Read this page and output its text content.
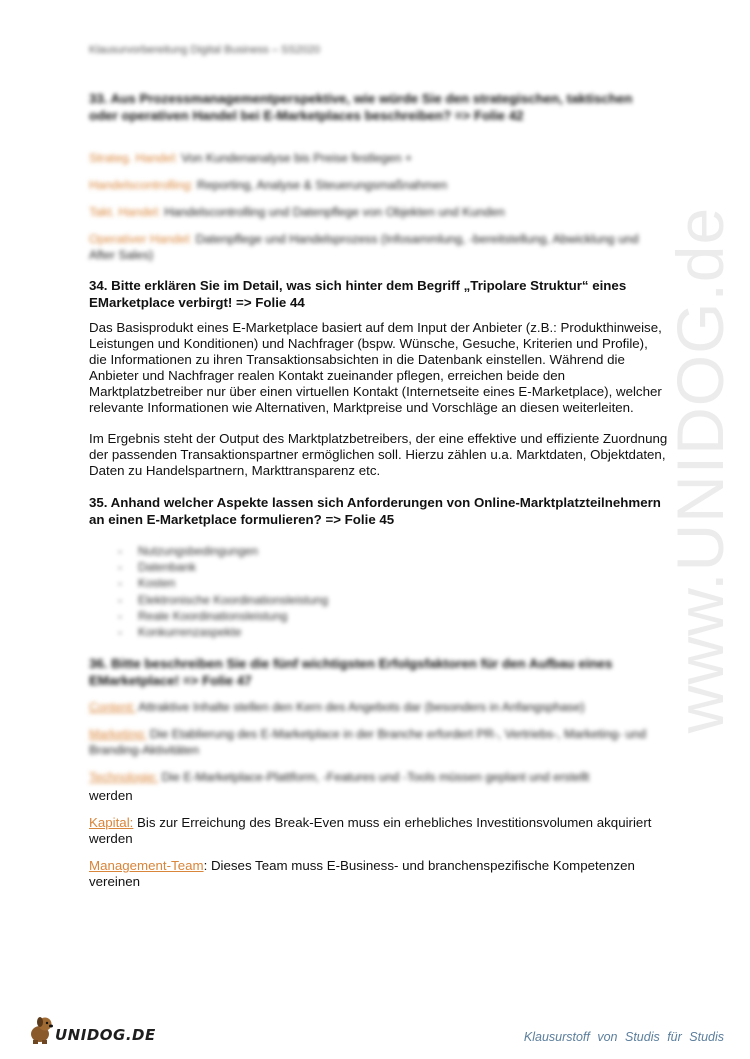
www.UNIDOG.de
Klausurvorbereitung Digital Business – SS2020
33. Aus Prozessmanagementperspektive, wie würde Sie den strategischen, taktischen oder operativen Handel bei E-Marketplaces beschreiben? => Folie 42
Strateg. Handel: Von Kundenanalyse bis Preise festlegen +
Handelscontrolling: Reporting, Analyse & Steuerungsmaßnahmen
Takt. Handel: Handelscontrolling und Datenpflege von Objekten und Kunden
Operativer Handel: Datenpflege und Handelsprozess (Infosammlung, -bereitstellung, Abwicklung und After Sales)
34. Bitte erklären Sie im Detail, was sich hinter dem Begriff „Tripolare Struktur“ eines EMarketplace verbirgt! => Folie 44

Das Basisprodukt eines E-Marketplace basiert auf dem Input der Anbieter (z.B.: Produkthinweise, Leistungen und Konditionen) und Nachfrager (bspw. Wünsche, Gesuche, Kriterien und Profile), die Informationen zu ihren Transaktionsabsichten in die Datenbank einstellen. Während die Anbieter und Nachfrager realen Kontakt zueinander pflegen, erreichen beide den Marktplatzbetreiber nur über einen virtuellen Kontakt (Internetseite eines E-Marketplace), welcher relevante Informationen wie Alternativen, Marktpreise und Vorschläge an diesen weiterleiten.

Im Ergebnis steht der Output des Marktplatzbetreibers, der eine effektive und effiziente Zuordnung der passenden Transaktionspartner ermöglichen soll. Hierzu zählen u.a. Marktdaten, Objektdaten, Daten zu Handelspartnern, Markttransparenz etc.

35. Anhand welcher Aspekte lassen sich Anforderungen von Online-Marktplatzteilnehmern an einen E-Marketplace formulieren? => Folie 45
- Nutzungsbedingungen
- Datenbank
- Kosten
- Elektronische Koordinationsleistung
- Reale Koordinationsleistung
- Konkurrenzaspekte
36. Bitte beschreiben Sie die fünf wichtigsten Erfolgsfaktoren für den Aufbau eines EMarketplace! => Folie 47
Content: Attraktive Inhalte stellen den Kern des Angebots dar (besonders in Anfangsphase)
Marketing: Die Etablierung des E-Marketplace in der Branche erfordert PR-, Vertriebs-, Marketing- und Branding-Aktivitäten
Technologie: Die E-Marketplace-Plattform, -Features und -Tools müssen geplant und erstellt
werden
Kapital: Bis zur Erreichung des Break-Even muss ein erhebliches Investitionsvolumen akquiriert werden
Management-Team: Dieses Team muss E-Business- und branchenspezifische Kompetenzen vereinen
UNIDOG.DE	Klausurstoff von Studis für Studis
